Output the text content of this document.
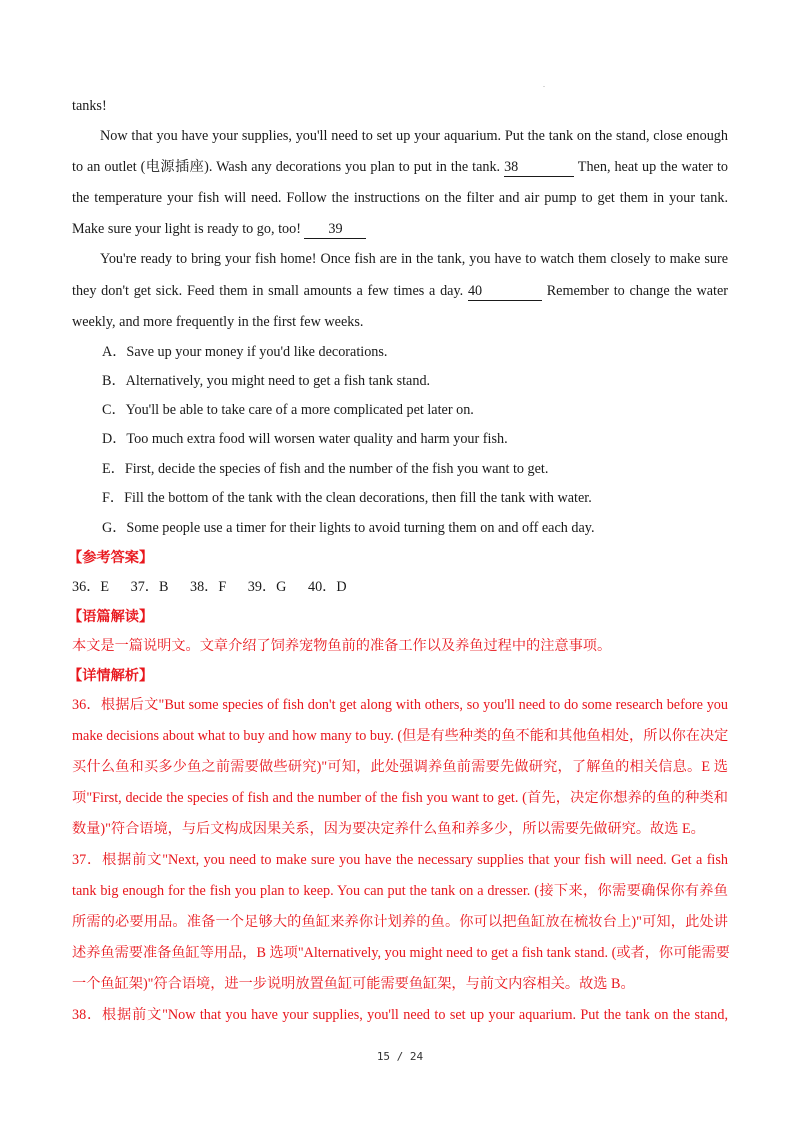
.
tanks!
Now that you have your supplies, you'll need to set up your aquarium. Put the tank on the stand, close enough
to an outlet (电源插座). Wash any decorations you plan to put in the tank. 38	Then, heat up the water to
the temperature your fish will need. Follow the instructions on the filter and air pump to get them in your tank.
Make sure your light is ready to go, too! 39
You're ready to bring your fish home! Once fish are in the tank, you have to watch them closely to make sure
they don't get sick. Feed them in small amounts a few times a day. 40	Remember to change the water
weekly, and more frequently in the first few weeks.
A．Save up your money if you'd like decorations.
B．Alternatively, you might need to get a fish tank stand.
C．You'll be able to take care of a more complicated pet later on.
D．Too much extra food will worsen water quality and harm your fish.
E．First, decide the species of fish and the number of the fish you want to get.
F．Fill the bottom of the tank with the clean decorations, then fill the tank with water.
G．Some people use a timer for their lights to avoid turning them on and off each day.
【参考答案】
36．E 37．B 38．F 39．G 40．D
【语篇解读】
本文是一篇说明文。文章介绍了饲养宠物鱼前的准备工作以及养鱼过程中的注意事项。
【详情解析】
36．根据后文"But some species of fish don't get along with others, so you'll need to do some research before you
make decisions about what to buy and how many to buy. (但是有些种类的鱼不能和其他鱼相处，所以你在决定
买什么鱼和买多少鱼之前需要做些研究)"可知，此处强调养鱼前需要先做研究，了解鱼的相关信息。E 选
项"First, decide the species of fish and the number of the fish you want to get. (首先，决定你想养的鱼的种类和
数量)"符合语境，与后文构成因果关系，因为要决定养什么鱼和养多少，所以需要先做研究。故选 E。
37．根据前文"Next, you need to make sure you have the necessary supplies that your fish will need. Get a fish
tank big enough for the fish you plan to keep. You can put the tank on a dresser. (接下来，你需要确保你有养鱼
所需的必要用品。准备一个足够大的鱼缸来养你计划养的鱼。你可以把鱼缸放在梳妆台上)"可知，此处讲
述养鱼需要准备鱼缸等用品，B 选项"Alternatively, you might need to get a fish tank stand. (或者，你可能需要
一个鱼缸架)"符合语境，进一步说明放置鱼缸可能需要鱼缸架，与前文内容相关。故选 B。
38．根据前文"Now that you have your supplies, you'll need to set up your aquarium. Put the tank on the stand,
15 / 24
